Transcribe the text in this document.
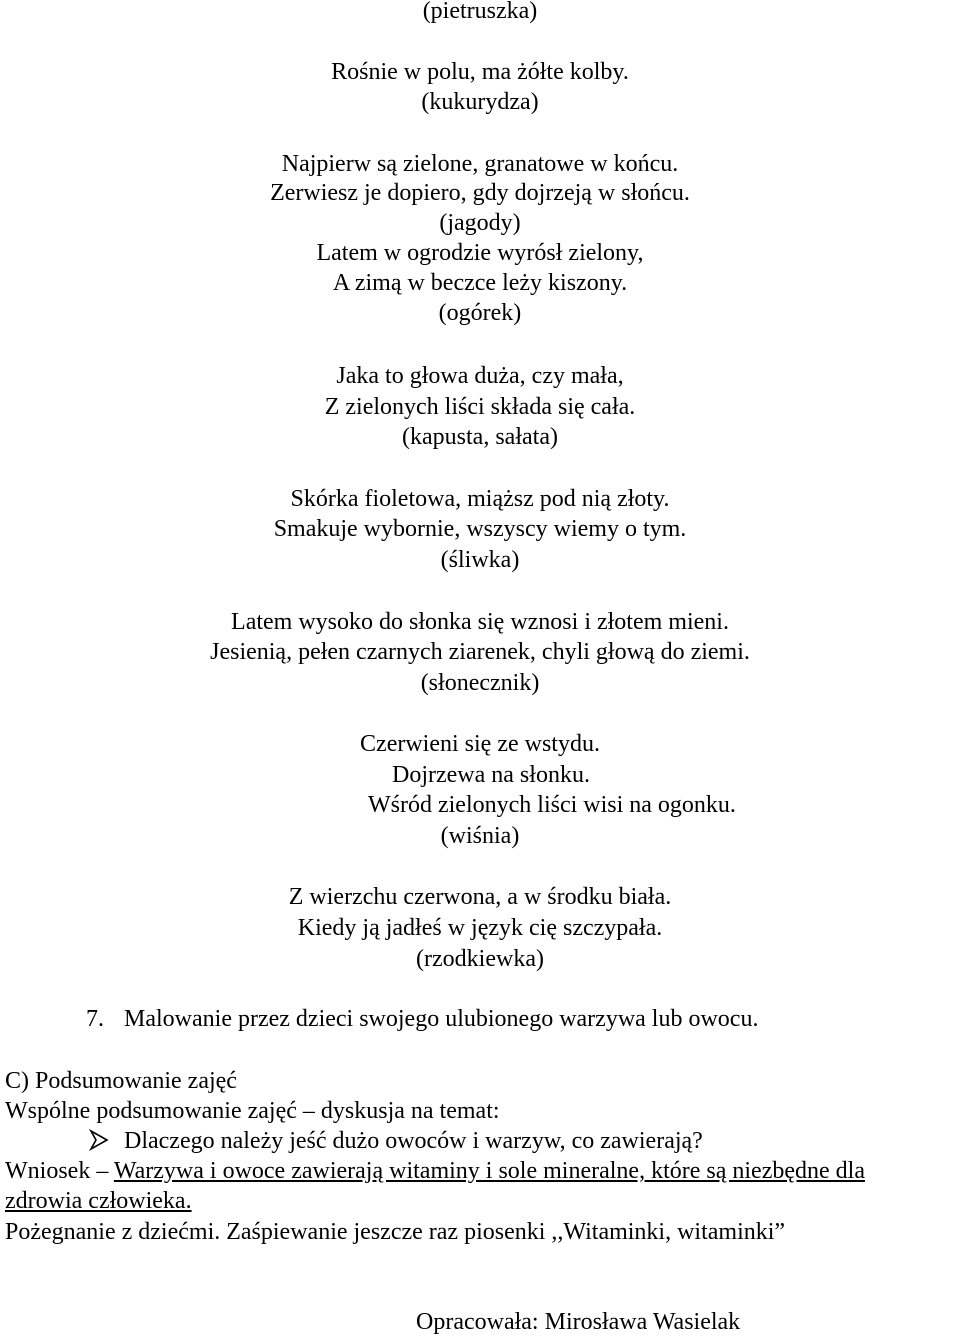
(pietruszka)
Rośnie w polu, ma żółte kolby.
(kukurydza)
Najpierw są zielone, granatowe w końcu.
Zerwiesz je dopiero, gdy dojrzeją w słońcu.
(jagody)
Latem w ogrodzie wyrósł zielony,
A zimą w beczce leży kiszony.
(ogórek)
Jaka to głowa duża, czy mała,
Z zielonych liści składa się cała.
(kapusta, sałata)
Skórka fioletowa, miąższ pod nią złoty.
Smakuje wybornie, wszyscy wiemy o tym.
(śliwka)
Latem wysoko do słonka się wznosi i złotem mieni.
Jesienią, pełen czarnych ziarenek, chyli głową do ziemi.
(słonecznik)
Czerwieni się ze wstydu.
Dojrzewa na słonku.
Wśród zielonych liści wisi na ogonku.
(wiśnia)
Z wierzchu czerwona, a w środku biała.
Kiedy ją jadłeś w język cię szczypała.
(rzodkiewka)
7. Malowanie przez dzieci swojego ulubionego warzywa lub owocu.
C) Podsumowanie zajęć
Wspólne podsumowanie zajęć – dyskusja na temat:
Dlaczego należy jeść dużo owoców i warzyw, co zawierają?
Wniosek – Warzywa i owoce zawierają witaminy i sole mineralne, które są niezbędne dla
zdrowia człowieka.
Pożegnanie z dziećmi. Zaśpiewanie jeszcze raz piosenki ,,Witaminki, witaminki”
Opracowała: Mirosława Wasielak
